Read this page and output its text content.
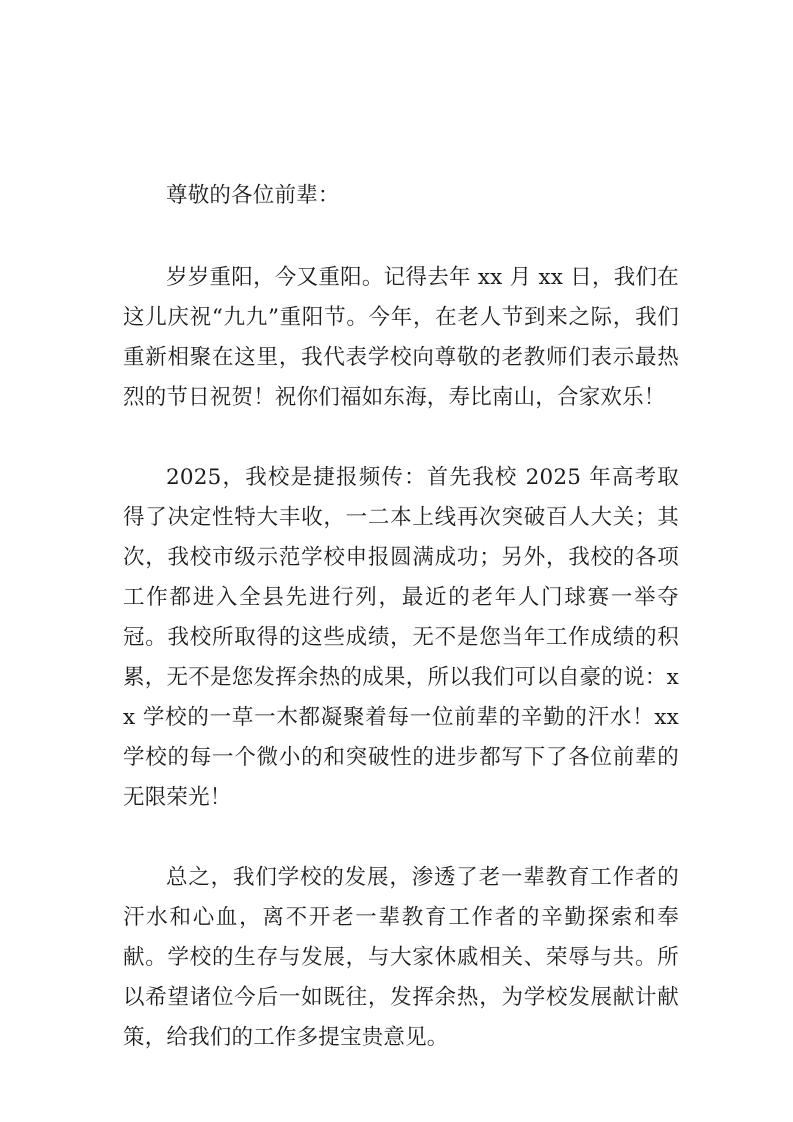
尊敬的各位前辈：

岁岁重阳，今又重阳。记得去年 xx 月 xx 日，我们在这儿庆祝“九九”重阳节。今年，在老人节到来之际，我们重新相聚在这里，我代表学校向尊敬的老教师们表示最热烈的节日祝贺！祝你们福如东海，寿比南山，合家欢乐！

2025，我校是捷报频传：首先我校 2025 年高考取得了决定性特大丰收，一二本上线再次突破百人大关；其次，我校市级示范学校申报圆满成功；另外，我校的各项工作都进入全县先进行列，最近的老年人门球赛一举夺冠。我校所取得的这些成绩，无不是您当年工作成绩的积累，无不是您发挥余热的成果，所以我们可以自豪的说：xx 学校的一草一木都凝聚着每一位前辈的辛勤的汗水！xx 学校的每一个微小的和突破性的进步都写下了各位前辈的无限荣光！

总之，我们学校的发展，渗透了老一辈教育工作者的汗水和心血，离不开老一辈教育工作者的辛勤探索和奉献。学校的生存与发展，与大家休戚相关、荣辱与共。所以希望诸位今后一如既往，发挥余热，为学校发展献计献策，给我们的工作多提宝贵意见。
